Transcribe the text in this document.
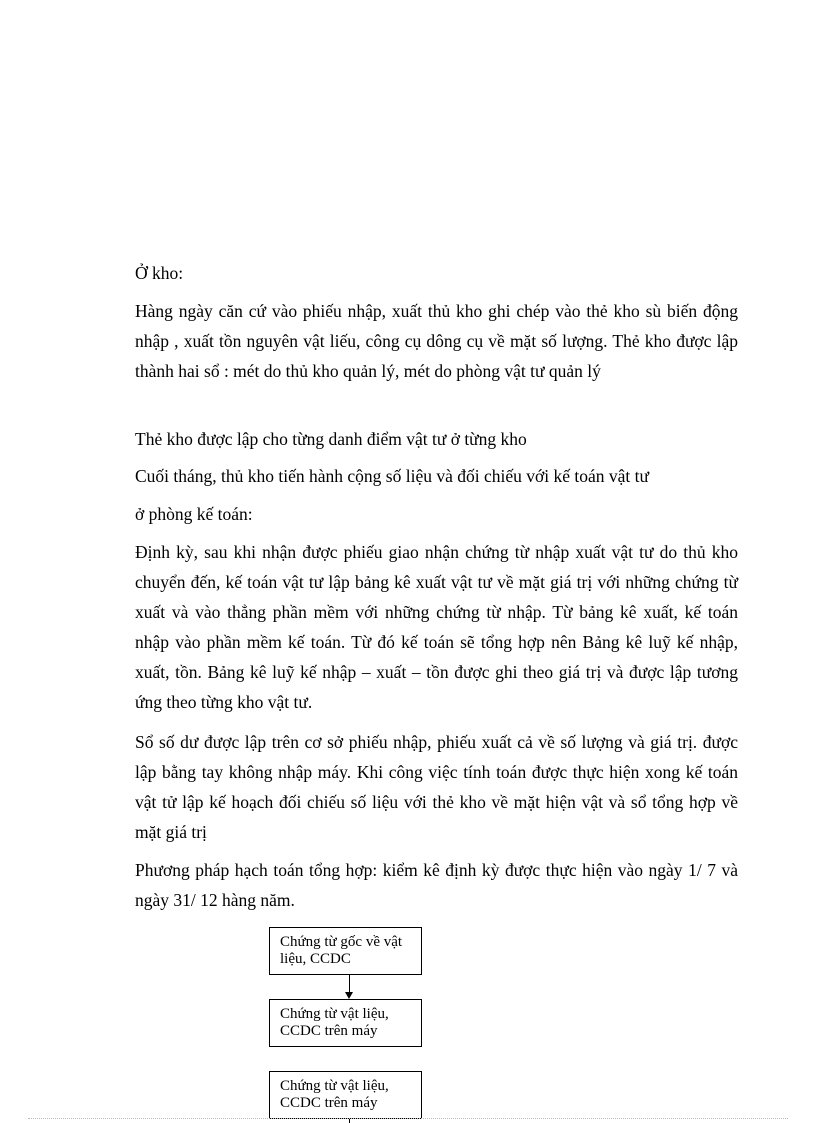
Ở kho:

Hàng ngày căn cứ vào phiếu nhập, xuất thủ kho ghi chép vào thẻ kho sù biến động nhập , xuất tồn nguyên vật liếu, công cụ dông cụ về mặt số lượng. Thẻ kho được lập thành hai sổ : mét do thủ kho quản lý, mét do phòng vật tư quản lý

Thẻ kho được lập cho từng danh điểm vật tư ở từng kho

Cuối tháng, thủ kho tiến hành cộng số liệu và đối chiếu với kế toán vật tư

ở phòng kế toán:

Định kỳ, sau khi nhận được phiếu giao nhận chứng từ nhập xuất vật tư do thủ kho chuyển đến, kế toán vật tư lập bảng kê xuất vật tư về mặt giá trị với những chứng từ xuất và vào thẳng phần mềm với những chứng từ nhập. Từ bảng kê xuất, kế toán nhập vào phần mềm kế toán. Từ đó kế toán sẽ tổng hợp nên Bảng kê luỹ kế nhập, xuất, tồn. Bảng kê luỹ kế nhập – xuất – tồn được ghi theo giá trị và được lập tương ứng theo từng kho vật tư.

Sổ số dư được lập trên cơ sở phiếu nhập, phiếu xuất cả về số lượng và giá trị. được lập bằng tay không nhập máy. Khi công việc tính toán được thực hiện xong kế toán vật tử lập kế hoạch đối chiếu số liệu với thẻ kho về mặt hiện vật và sổ tổng hợp về mặt giá trị

Phương pháp hạch toán tổng hợp: kiểm kê định kỳ được thực hiện vào ngày 1/ 7 và ngày 31/ 12 hàng năm.

Chứng từ gốc về vật liệu, CCDC
Chứng từ vật liệu, CCDC trên máy
Chứng từ vật liệu, CCDC trên máy
